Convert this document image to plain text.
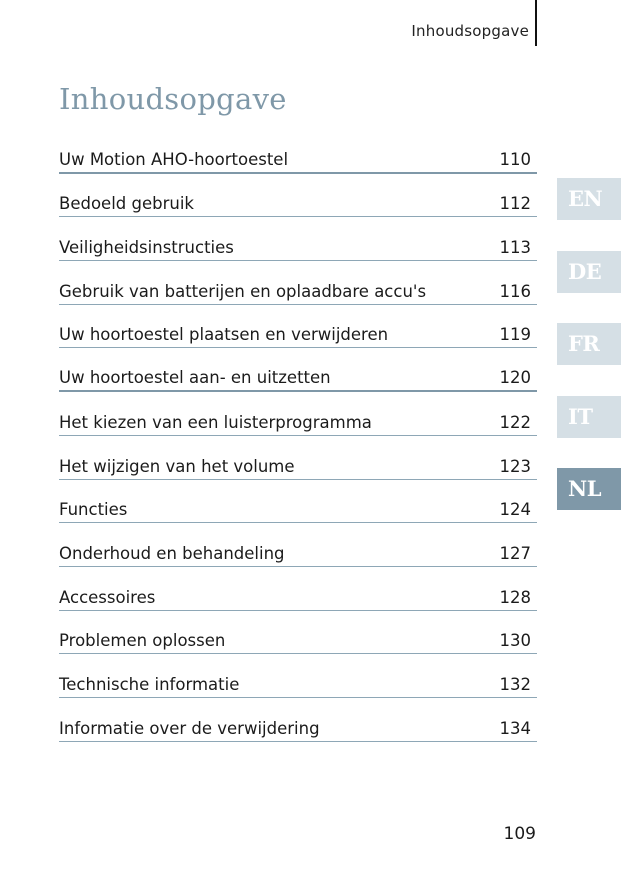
Inhoudsopgave
Inhoudsopgave
Uw Motion AHO-hoortoestel	110
Bedoeld gebruik	112
Veiligheidsinstructies	113
Gebruik van batterijen en oplaadbare accu's	116
Uw hoortoestel plaatsen en verwijderen	119
Uw hoortoestel aan- en uitzetten	120
Het kiezen van een luisterprogramma	122
Het wijzigen van het volume	123
Functies	124
Onderhoud en behandeling	127
Accessoires	128
Problemen oplossen	130
Technische informatie	132
Informatie over de verwijdering	134
EN
DE
FR
IT
NL
109
